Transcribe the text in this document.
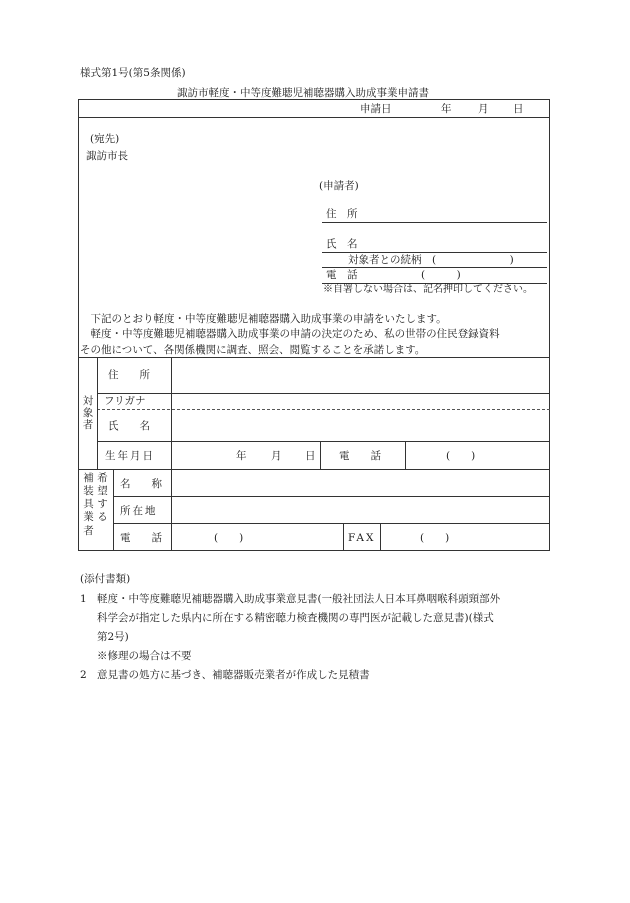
様式第1号(第5条関係)
諏訪市軽度・中等度難聴児補聴器購入助成事業申請書
申請日	年	月 日
(宛先)
諏訪市長
(申請者)
住　所
氏　名
対象者との続柄　(　　　　　　　)
電　話	(　　　)
※自署しない場合は、記名押印してください。
　下記のとおり軽度・中等度難聴児補聴器購入助成事業の申請をいたします。
　軽度・中等度難聴児補聴器購入助成事業の申請の決定のため、私の世帯の住民登録資料
その他について、各関係機関に調査、照会、閲覧することを承諾します。
対
象
者
住　　所
フリガナ
氏　　名
生年月日	年 月 日 電　　話	(　　)
補装具業者
希望する
名　　称
所在地
電　　話	(　　)	FAX	(　　)
(添付書類)
1 軽度・中等度難聴児補聴器購入助成事業意見書(一般社団法人日本耳鼻咽喉科頭頸部外
科学会が指定した県内に所在する精密聴力検査機関の専門医が記載した意見書)(様式
第2号)
※修理の場合は不要
2 意見書の処方に基づき、補聴器販売業者が作成した見積書
